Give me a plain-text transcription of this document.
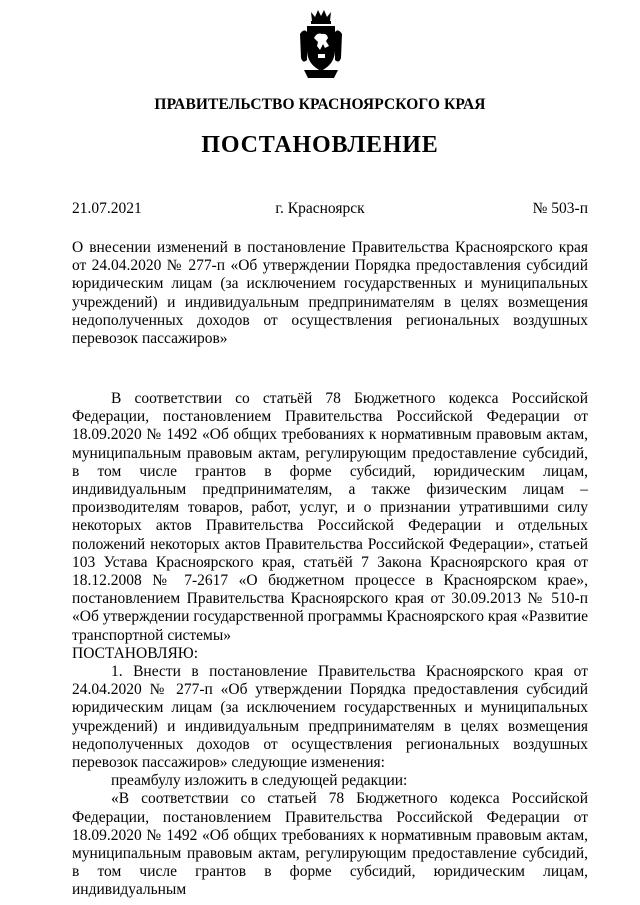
ПРАВИТЕЛЬСТВО КРАСНОЯРСКОГО КРАЯ
ПОСТАНОВЛЕНИЕ
21.07.2021	г. Красноярск	№ 503-п

О внесении изменений в постановление Правительства Красноярского края от 24.04.2020 № 277-п «Об утверждении Порядка предоставления субсидий юридическим лицам (за исключением государственных и муниципальных учреждений) и индивидуальным предпринимателям в целях возмещения недополученных доходов от осуществления региональных воздушных перевозок пассажиров»

В соответствии со статьёй 78 Бюджетного кодекса Российской Федерации, постановлением Правительства Российской Федерации от 18.09.2020 № 1492 «Об общих требованиях к нормативным правовым актам, муниципальным правовым актам, регулирующим предоставление субсидий, в том числе грантов в форме субсидий, юридическим лицам, индивидуальным предпринимателям, а также физическим лицам – производителям товаров, работ, услуг, и о признании утратившими силу некоторых актов Правительства Российской Федерации и отдельных положений некоторых актов Правительства Российской Федерации», статьей 103 Устава Красноярского края, статьёй 7 Закона Красноярского края от 18.12.2008 № 7-2617 «О бюджетном процессе в Красноярском крае», постановлением Правительства Красноярского края от 30.09.2013 № 510-п «Об утверждении государственной программы Красноярского края «Развитие транспортной системы»

ПОСТАНОВЛЯЮ:

1. Внести в постановление Правительства Красноярского края от 24.04.2020 № 277-п «Об утверждении Порядка предоставления субсидий юридическим лицам (за исключением государственных и муниципальных учреждений) и индивидуальным предпринимателям в целях возмещения недополученных доходов от осуществления региональных воздушных перевозок пассажиров» следующие изменения:

преамбулу изложить в следующей редакции:

«В соответствии со статьей 78 Бюджетного кодекса Российской Федерации, постановлением Правительства Российской Федерации от 18.09.2020 № 1492 «Об общих требованиях к нормативным правовым актам, муниципальным правовым актам, регулирующим предоставление субсидий, в том числе грантов в форме субсидий, юридическим лицам, индивидуальным
